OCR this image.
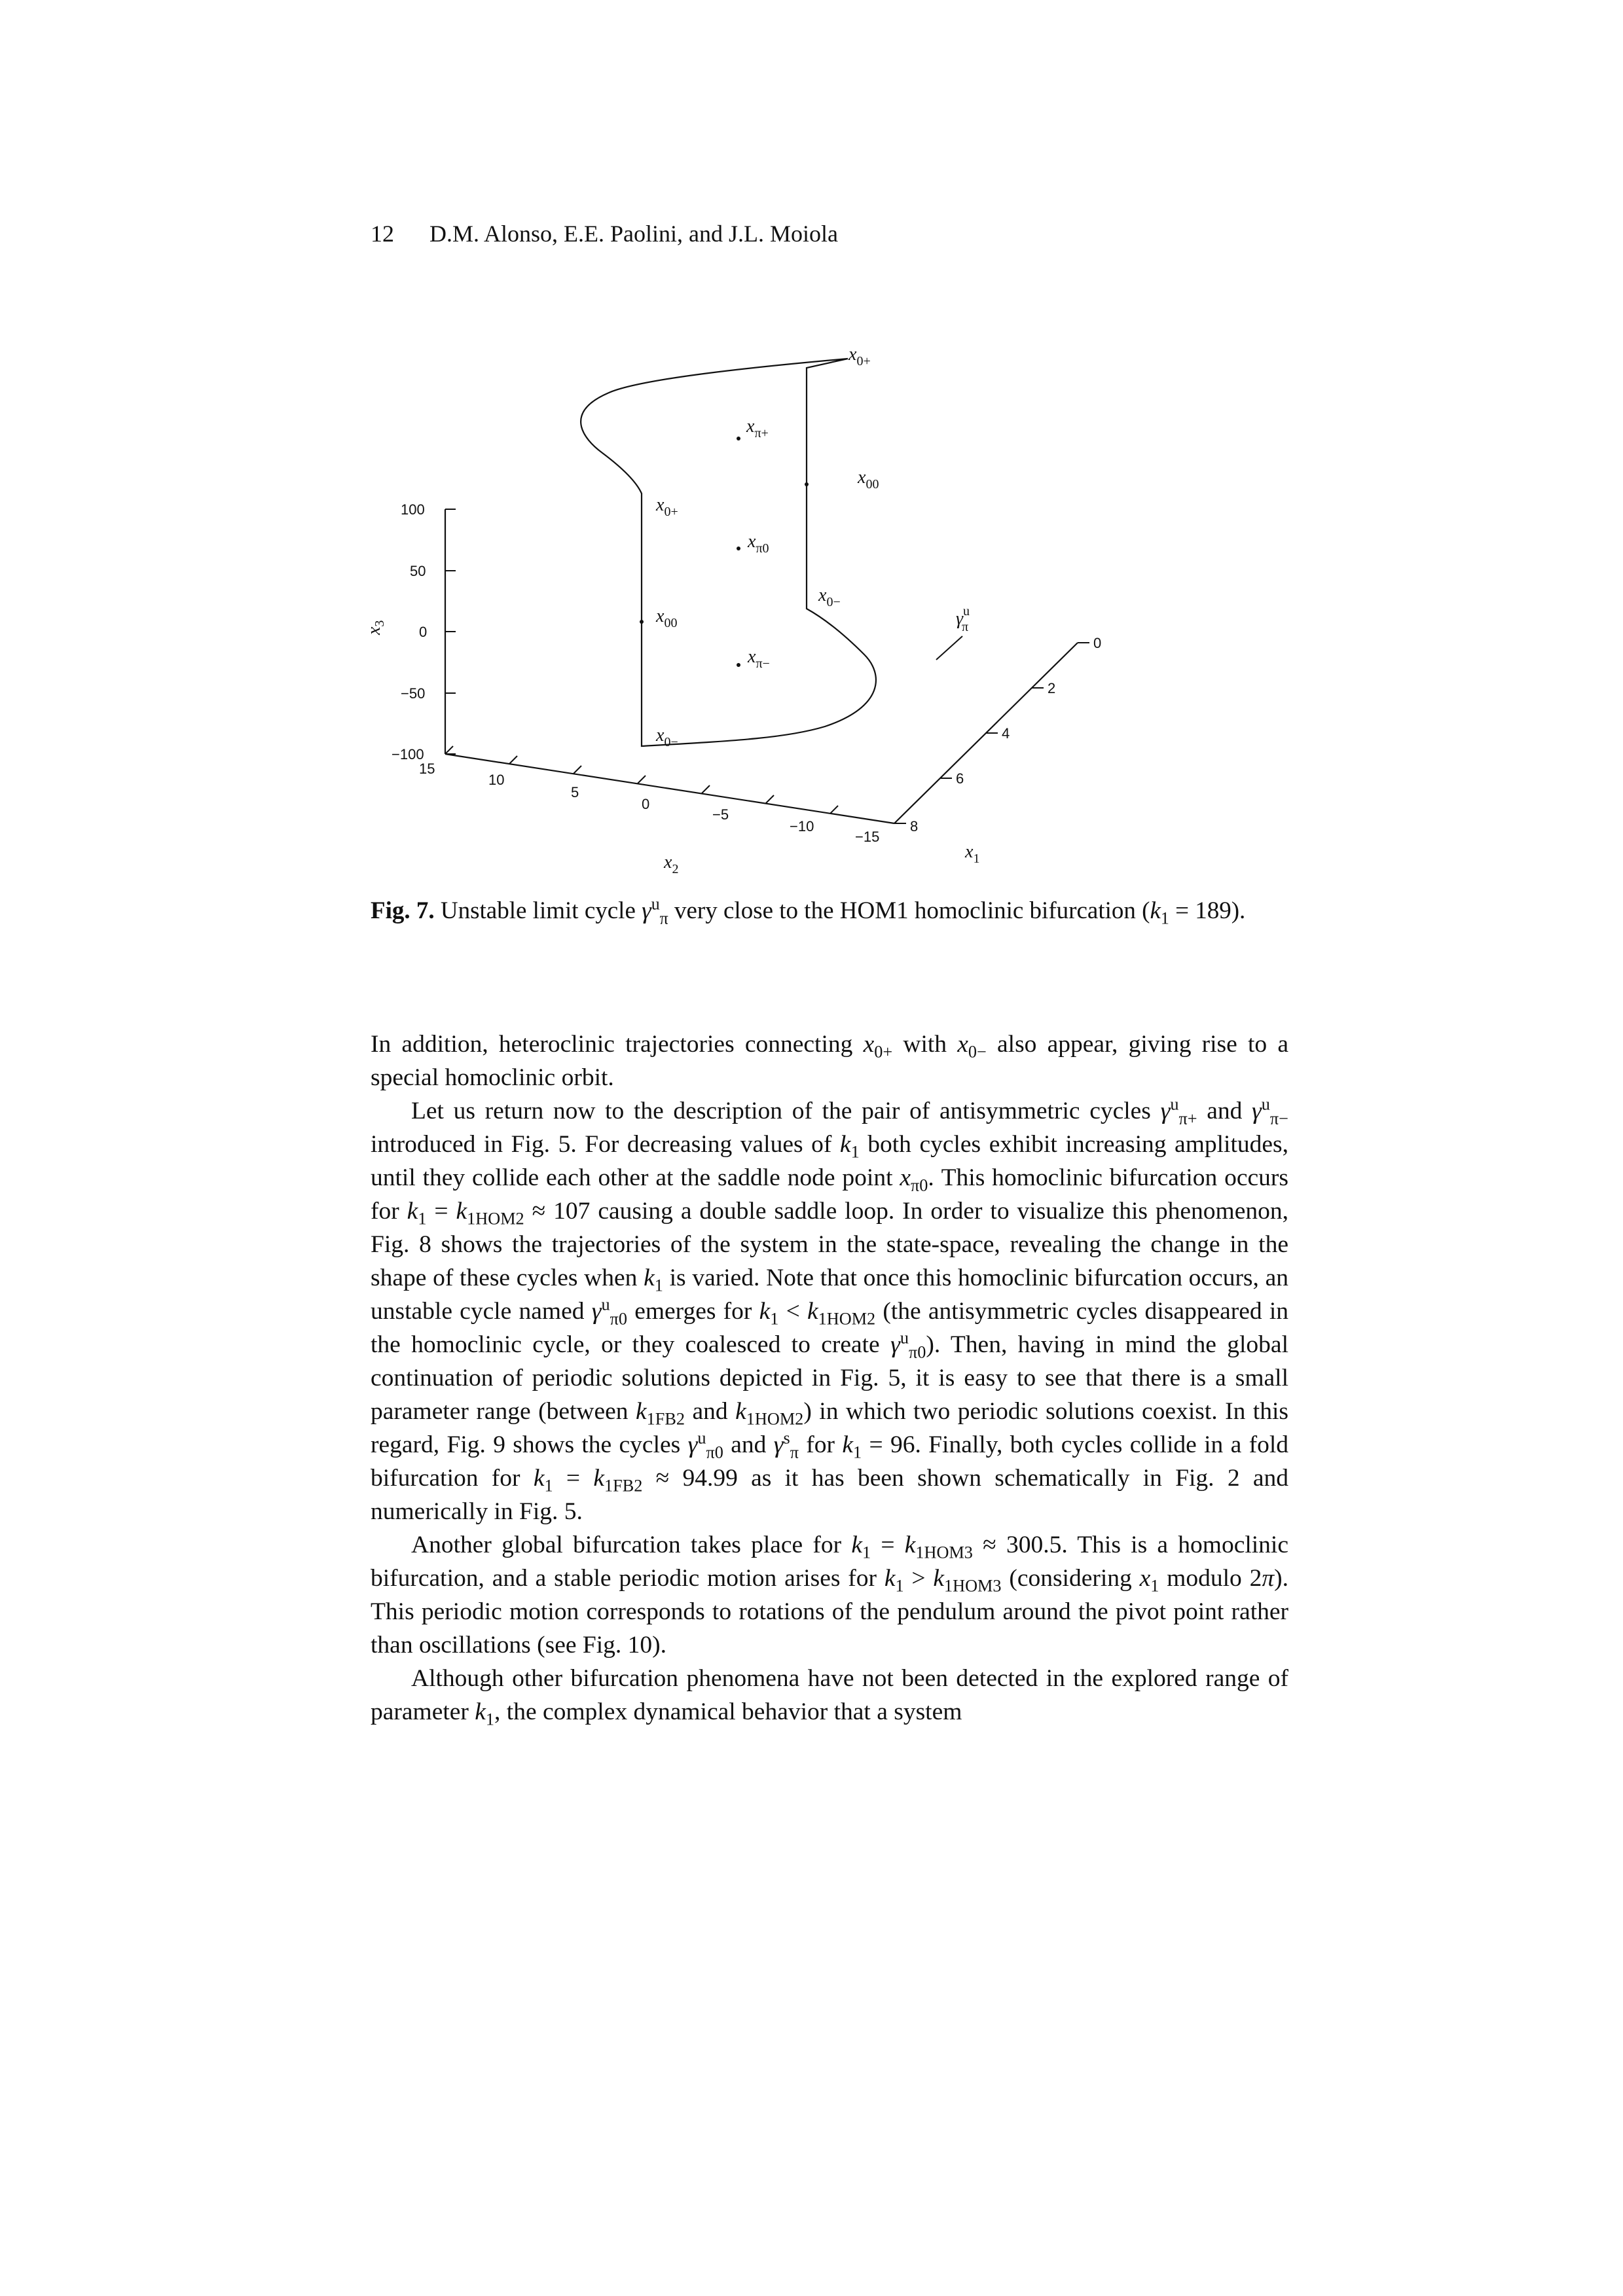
12 D.M. Alonso, E.E. Paolini, and J.L. Moiola
100
50
0
−50
−100
$x_3$
15
10
5
0
−5
−10
−15
$x_2$
0
2
4
6
8
$x_1$
$x_{0+}$
$x_{\pi+}$
$x_{00}$
$x_{0+}$
$x_{\pi 0}$
$x_{0-}$
$x_{00}$
$x_{\pi-}$
$x_{0-}$
$\gamma^u$ π
Fig. 7. Unstable limit cycle $\gamma^u_\pi$ very close to the HOM1 homoclinic bifurcation $(k_1 = 189)$.

In addition, heteroclinic trajectories connecting $x_{0+}$ with $x_{0-}$ also appear, giving rise to a special homoclinic orbit.

Let us return now to the description of the pair of antisymmetric cycles $\gamma^u_{\pi+}$ and $\gamma^u_{\pi-}$ introduced in Fig. 5. For decreasing values of $k_1$ both cycles exhibit increasing amplitudes, until they collide each other at the saddle node point $x_{\pi 0}$. This homoclinic bifurcation occurs for $k_1 = k_{1HOM2} \approx 107$ causing a double saddle loop. In order to visualize this phenomenon, Fig. 8 shows the trajectories of the system in the state-space, revealing the change in the shape of these cycles when $k_1$ is varied. Note that once this homoclinic bifurcation occurs, an unstable cycle named $\gamma^u_{\pi 0}$ emerges for $k_1 < k_{1HOM2}$ (the antisymmetric cycles disappeared in the homoclinic cycle, or they coalesced to create $\gamma^u_{\pi 0}$). Then, having in mind the global continuation of periodic solutions depicted in Fig. 5, it is easy to see that there is a small parameter range (between $k_{1FB2}$ and $k_{1HOM2}$) in which two periodic solutions coexist. In this regard, Fig. 9 shows the cycles $\gamma^u_{\pi 0}$ and $\gamma^s_\pi$ for $k_1 = 96$. Finally, both cycles collide in a fold bifurcation for $k_1 = k_{1FB2} \approx 94.99$ as it has been shown schematically in Fig. 2 and numerically in Fig. 5.

Another global bifurcation takes place for $k_1 = k_{1HOM3} \approx 300.5$. This is a homoclinic bifurcation, and a stable periodic motion arises for $k_1 > k_{1HOM3}$ (considering $x_1$ modulo 2π). This periodic motion corresponds to rotations of the pendulum around the pivot point rather than oscillations (see Fig. 10).

Although other bifurcation phenomena have not been detected in the explored range of parameter $k_1$, the complex dynamical behavior that a system
